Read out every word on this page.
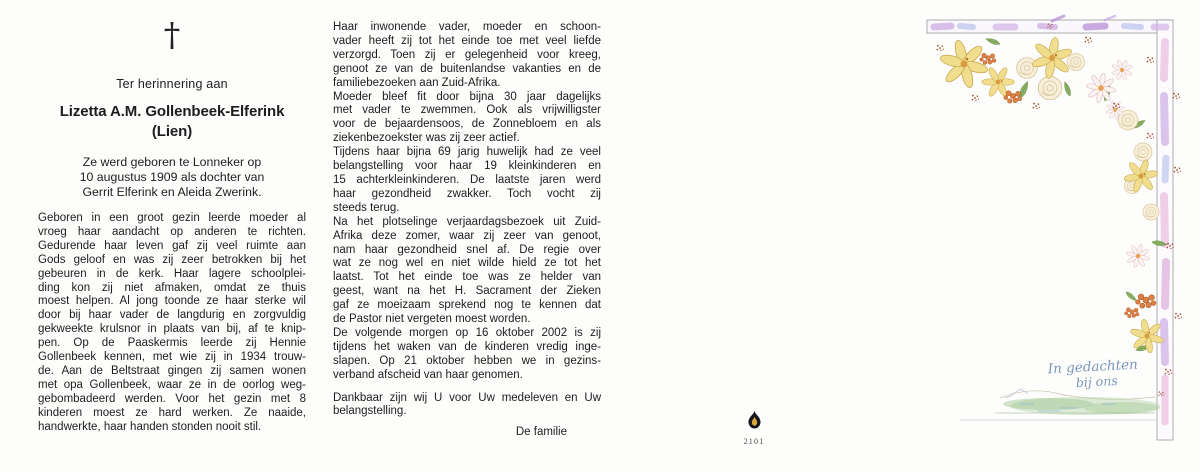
†
Ter herinnering aan
Lizetta A.M. Gollenbeek-Elferink
(Lien)
Ze werd geboren te Lonneker op
10 augustus 1909 als dochter van
Gerrit Elferink en Aleida Zwerink.
Geboren in een groot gezin leerde moeder al
vroeg haar aandacht op anderen te richten.
Gedurende haar leven gaf zij veel ruimte aan
Gods geloof en was zij zeer betrokken bij het
gebeuren in de kerk. Haar lagere schoolplei-
ding kon zij niet afmaken, omdat ze thuis
moest helpen. Al jong toonde ze haar sterke wil
door bij haar vader de langdurig en zorgvuldig
gekweekte krulsnor in plaats van bij, af te knip-
pen. Op de Paaskermis leerde zij Hennie
Gollenbeek kennen, met wie zij in 1934 trouw-
de. Aan de Beltstraat gingen zij samen wonen
met opa Gollenbeek, waar ze in de oorlog weg-
gebombadeerd werden. Voor het gezin met 8
kinderen moest ze hard werken. Ze naaide,
handwerkte, haar handen stonden nooit stil.
Haar inwonende vader, moeder en schoon-
vader heeft zij tot het einde toe met veel liefde
verzorgd. Toen zij er gelegenheid voor kreeg,
genoot ze van de buitenlandse vakanties en de
familiebezoeken aan Zuid-Afrika.
Moeder bleef fit door bijna 30 jaar dagelijks
met vader te zwemmen. Ook als vrijwilligster
voor de bejaardensoos, de Zonnebloem en als
ziekenbezoekster was zij zeer actief.
Tijdens haar bijna 69 jarig huwelijk had ze veel
belangstelling voor haar 19 kleinkinderen en
15 achterkleinkinderen. De laatste jaren werd
haar gezondheid zwakker. Toch vocht zij
steeds terug.
Na het plotselinge verjaardagsbezoek uit Zuid-
Afrika deze zomer, waar zij zeer van genoot,
nam haar gezondheid snel af. De regie over
wat ze nog wel en niet wilde hield ze tot het
laatst. Tot het einde toe was ze helder van
geest, want na het H. Sacrament der Zieken
gaf ze moeizaam sprekend nog te kennen dat
de Pastor niet vergeten moest worden.
De volgende morgen op 16 oktober 2002 is zij
tijdens het waken van de kinderen vredig inge-
slapen. Op 21 oktober hebben we in gezins-
verband afscheid van haar genomen.
Dankbaar zijn wij U voor Uw medeleven en Uw
belangstelling.
De familie
2101
In gedachten
bij ons
